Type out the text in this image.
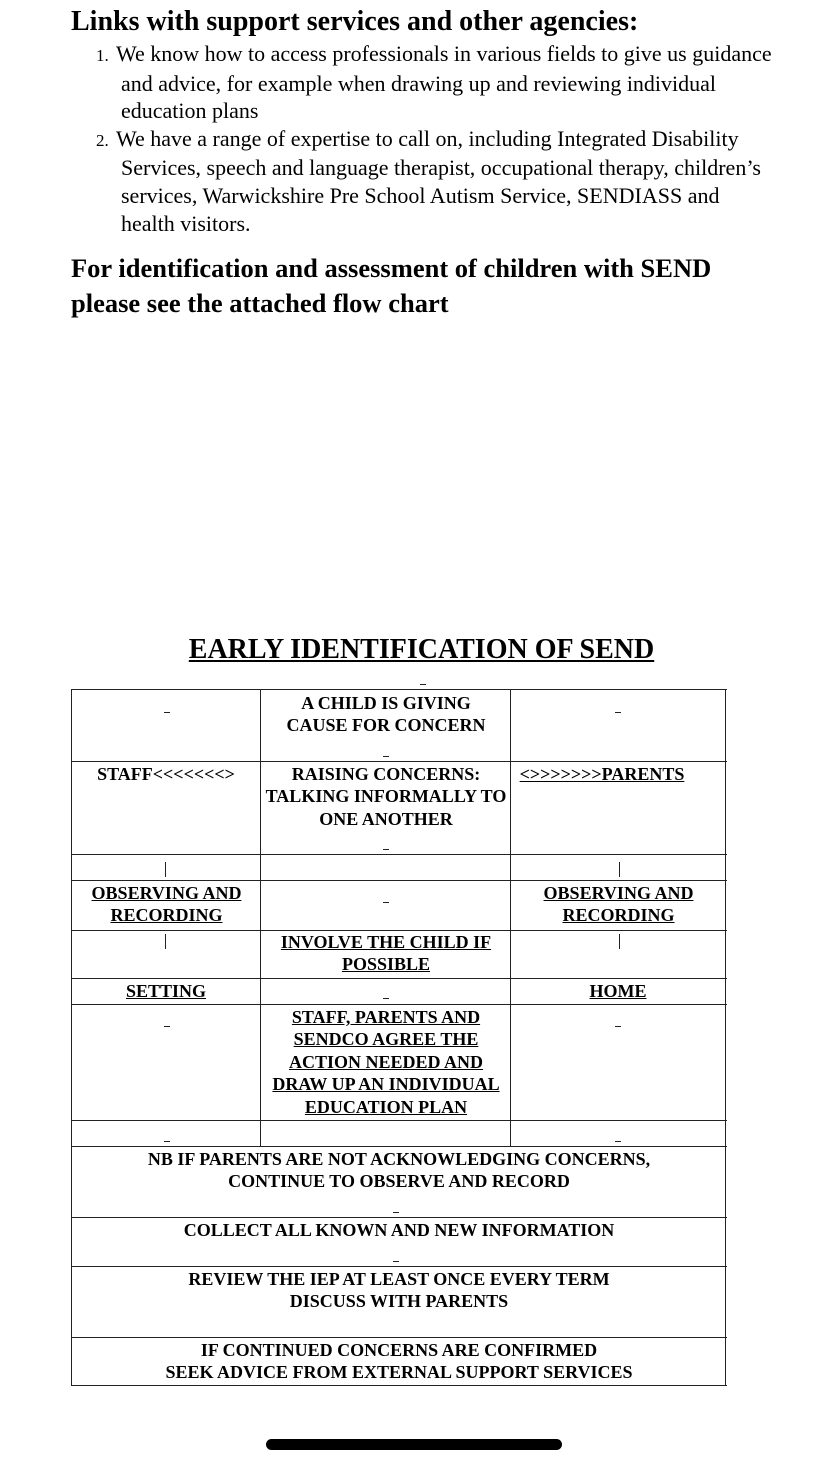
Links with support services and other agencies:
1. We know how to access professionals in various fields to give us guidance and advice, for example when drawing up and reviewing individual education plans
2. We have a range of expertise to call on, including Integrated Disability Services, speech and language therapist, occupational therapy, children’s services, Warwickshire Pre School Autism Service, SENDIASS and health visitors.
For identification and assessment of children with SEND please see the attached flow chart
EARLY IDENTIFICATION OF SEND
A CHILD IS GIVING CAUSE FOR CONCERN
STAFF<<<<<<<>	RAISING CONCERNS: TALKING INFORMALLY TO ONE ANOTHER
<>>>>>>>PARENTS
OBSERVING AND RECORDING
OBSERVING AND RECORDING
INVOLVE THE CHILD IF POSSIBLE
SETTING	HOME
STAFF, PARENTS AND SENDCO AGREE THE ACTION NEEDED AND DRAW UP AN INDIVIDUAL EDUCATION PLAN
NB IF PARENTS ARE NOT ACKNOWLEDGING CONCERNS,
CONTINUE TO OBSERVE AND RECORD
COLLECT ALL KNOWN AND NEW INFORMATION
REVIEW THE IEP AT LEAST ONCE EVERY TERM
DISCUSS WITH PARENTS
IF CONTINUED CONCERNS ARE CONFIRMED
SEEK ADVICE FROM EXTERNAL SUPPORT SERVICES
